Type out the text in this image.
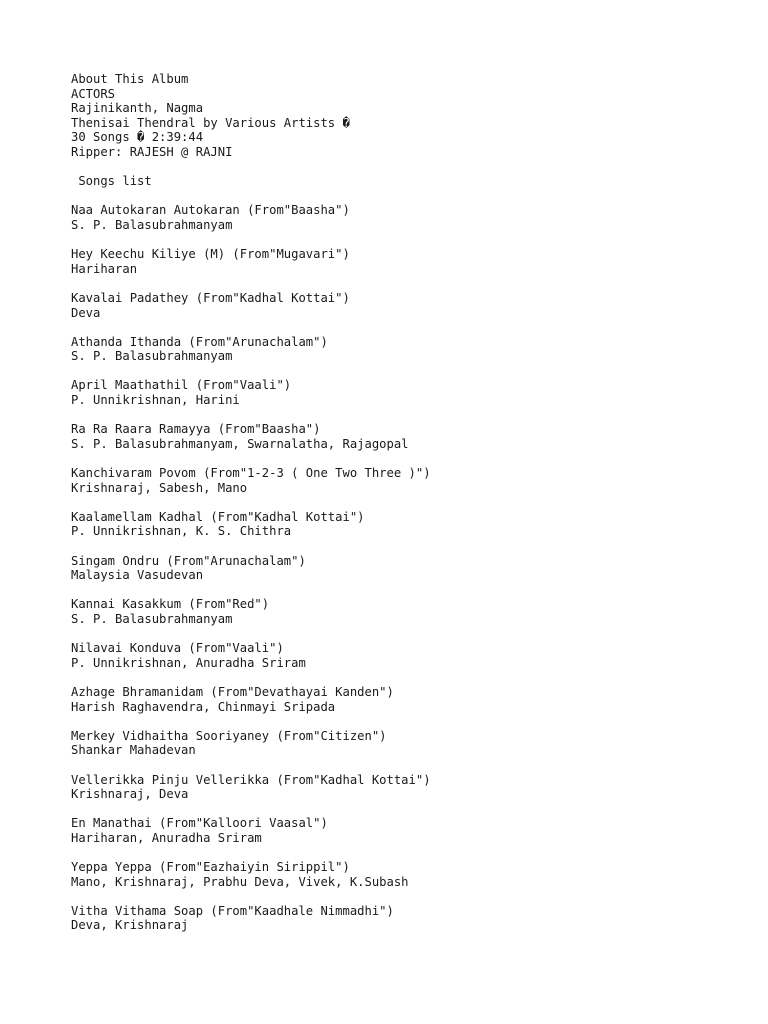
About This Album
ACTORS
Rajinikanth, Nagma
Thenisai Thendral by Various Artists �
30 Songs � 2:39:44
Ripper: RAJESH @ RAJNI
Songs list
Naa Autokaran Autokaran (From"Baasha")
S. P. Balasubrahmanyam
Hey Keechu Kiliye (M) (From"Mugavari")
Hariharan
Kavalai Padathey (From"Kadhal Kottai")
Deva
Athanda Ithanda (From"Arunachalam")
S. P. Balasubrahmanyam
April Maathathil (From"Vaali")
P. Unnikrishnan, Harini
Ra Ra Raara Ramayya (From"Baasha")
S. P. Balasubrahmanyam, Swarnalatha, Rajagopal
Kanchivaram Povom (From"1-2-3 ( One Two Three )")
Krishnaraj, Sabesh, Mano
Kaalamellam Kadhal (From"Kadhal Kottai")
P. Unnikrishnan, K. S. Chithra
Singam Ondru (From"Arunachalam")
Malaysia Vasudevan
Kannai Kasakkum (From"Red")
S. P. Balasubrahmanyam
Nilavai Konduva (From"Vaali")
P. Unnikrishnan, Anuradha Sriram
Azhage Bhramanidam (From"Devathayai Kanden")
Harish Raghavendra, Chinmayi Sripada
Merkey Vidhaitha Sooriyaney (From"Citizen")
Shankar Mahadevan
Vellerikka Pinju Vellerikka (From"Kadhal Kottai")
Krishnaraj, Deva
En Manathai (From"Kalloori Vaasal")
Hariharan, Anuradha Sriram
Yeppa Yeppa (From"Eazhaiyin Sirippil")
Mano, Krishnaraj, Prabhu Deva, Vivek, K.Subash
Vitha Vithama Soap (From"Kaadhale Nimmadhi")
Deva, Krishnaraj
